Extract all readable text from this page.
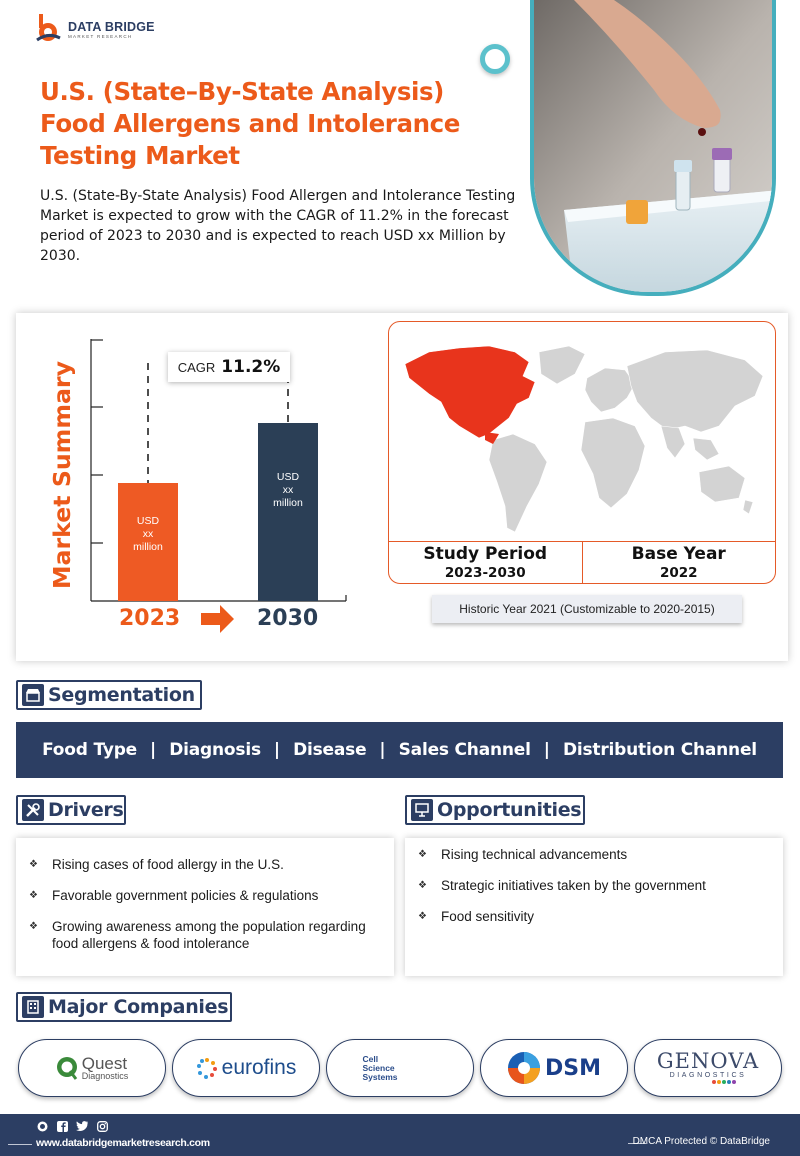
DATA BRIDGE
MARKET RESEARCH
U.S. (State–By-State Analysis)
Food Allergens and Intolerance
Testing Market

U.S. (State-By-State Analysis) Food Allergen and Intolerance Testing Market is expected to grow with the CAGR of 11.2% in the forecast period of 2023 to 2030 and is expected to reach USD xx Million by 2030.

Market Summary
CAGR 11.2%
USD
xx
million
USD
xx
million
2023	2030
Study Period
2023-2030
Base Year
2022
Historic Year 2021 (Customizable to 2020-2015)
Segmentation
Food Type | Diagnosis | Disease | Sales Channel | Distribution Channel
Drivers
❖ Rising cases of food allergy in the U.S.
❖ Favorable government policies & regulations
❖ Growing awareness among the population regarding food allergens & food intolerance
Opportunities
❖ Rising technical advancements
❖ Strategic initiatives taken by the government
❖ Food sensitivity
Major Companies
Quest
Diagnostics	eurofins	Cell
Science
Systems	DSM	GENOVA
DIAGNOSTICS
www.databridgemarketresearch.com	DMCA Protected © DataBridge
